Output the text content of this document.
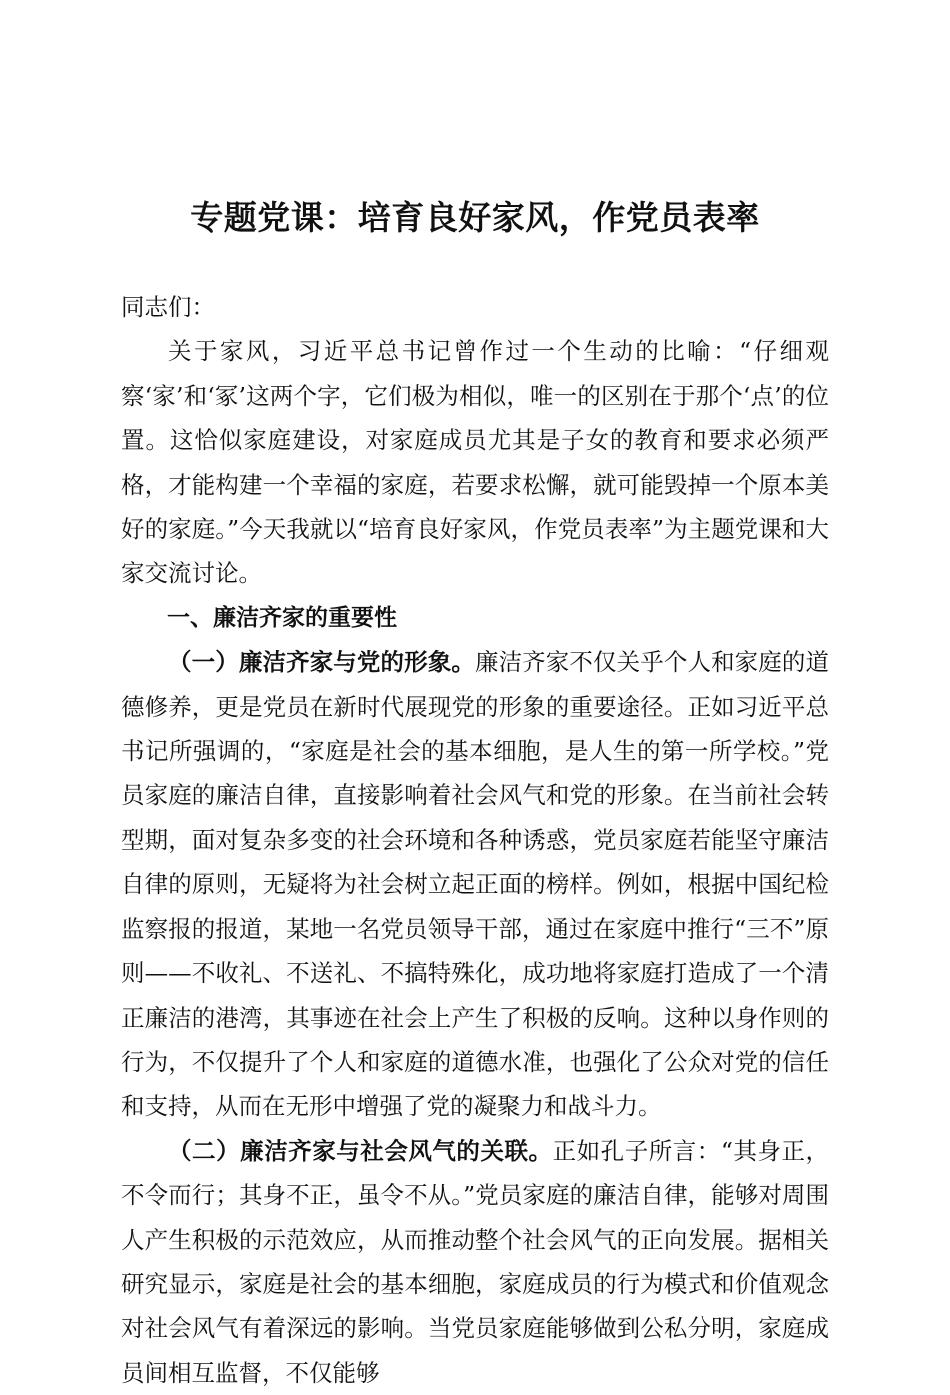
专题党课：培育良好家风，作党员表率

同志们：

关于家风，习近平总书记曾作过一个生动的比喻：“仔细观察‘家’和‘冢’这两个字，它们极为相似，唯一的区别在于那个‘点’的位置。这恰似家庭建设，对家庭成员尤其是子女的教育和要求必须严格，才能构建一个幸福的家庭，若要求松懈，就可能毁掉一个原本美好的家庭。”今天我就以“培育良好家风，作党员表率”为主题党课和大家交流讨论。

一、廉洁齐家的重要性

（一）廉洁齐家与党的形象。廉洁齐家不仅关乎个人和家庭的道德修养，更是党员在新时代展现党的形象的重要途径。正如习近平总书记所强调的，“家庭是社会的基本细胞，是人生的第一所学校。”党员家庭的廉洁自律，直接影响着社会风气和党的形象。在当前社会转型期，面对复杂多变的社会环境和各种诱惑，党员家庭若能坚守廉洁自律的原则，无疑将为社会树立起正面的榜样。例如，根据中国纪检监察报的报道，某地一名党员领导干部，通过在家庭中推行“三不”原则——不收礼、不送礼、不搞特殊化，成功地将家庭打造成了一个清正廉洁的港湾，其事迹在社会上产生了积极的反响。这种以身作则的行为，不仅提升了个人和家庭的道德水准，也强化了公众对党的信任和支持，从而在无形中增强了党的凝聚力和战斗力。

（二）廉洁齐家与社会风气的关联。正如孔子所言：“其身正，不令而行；其身不正，虽令不从。”党员家庭的廉洁自律，能够对周围人产生积极的示范效应，从而推动整个社会风气的正向发展。据相关研究显示，家庭是社会的基本细胞，家庭成员的行为模式和价值观念对社会风气有着深远的影响。当党员家庭能够做到公私分明，家庭成员间相互监督，不仅能够
